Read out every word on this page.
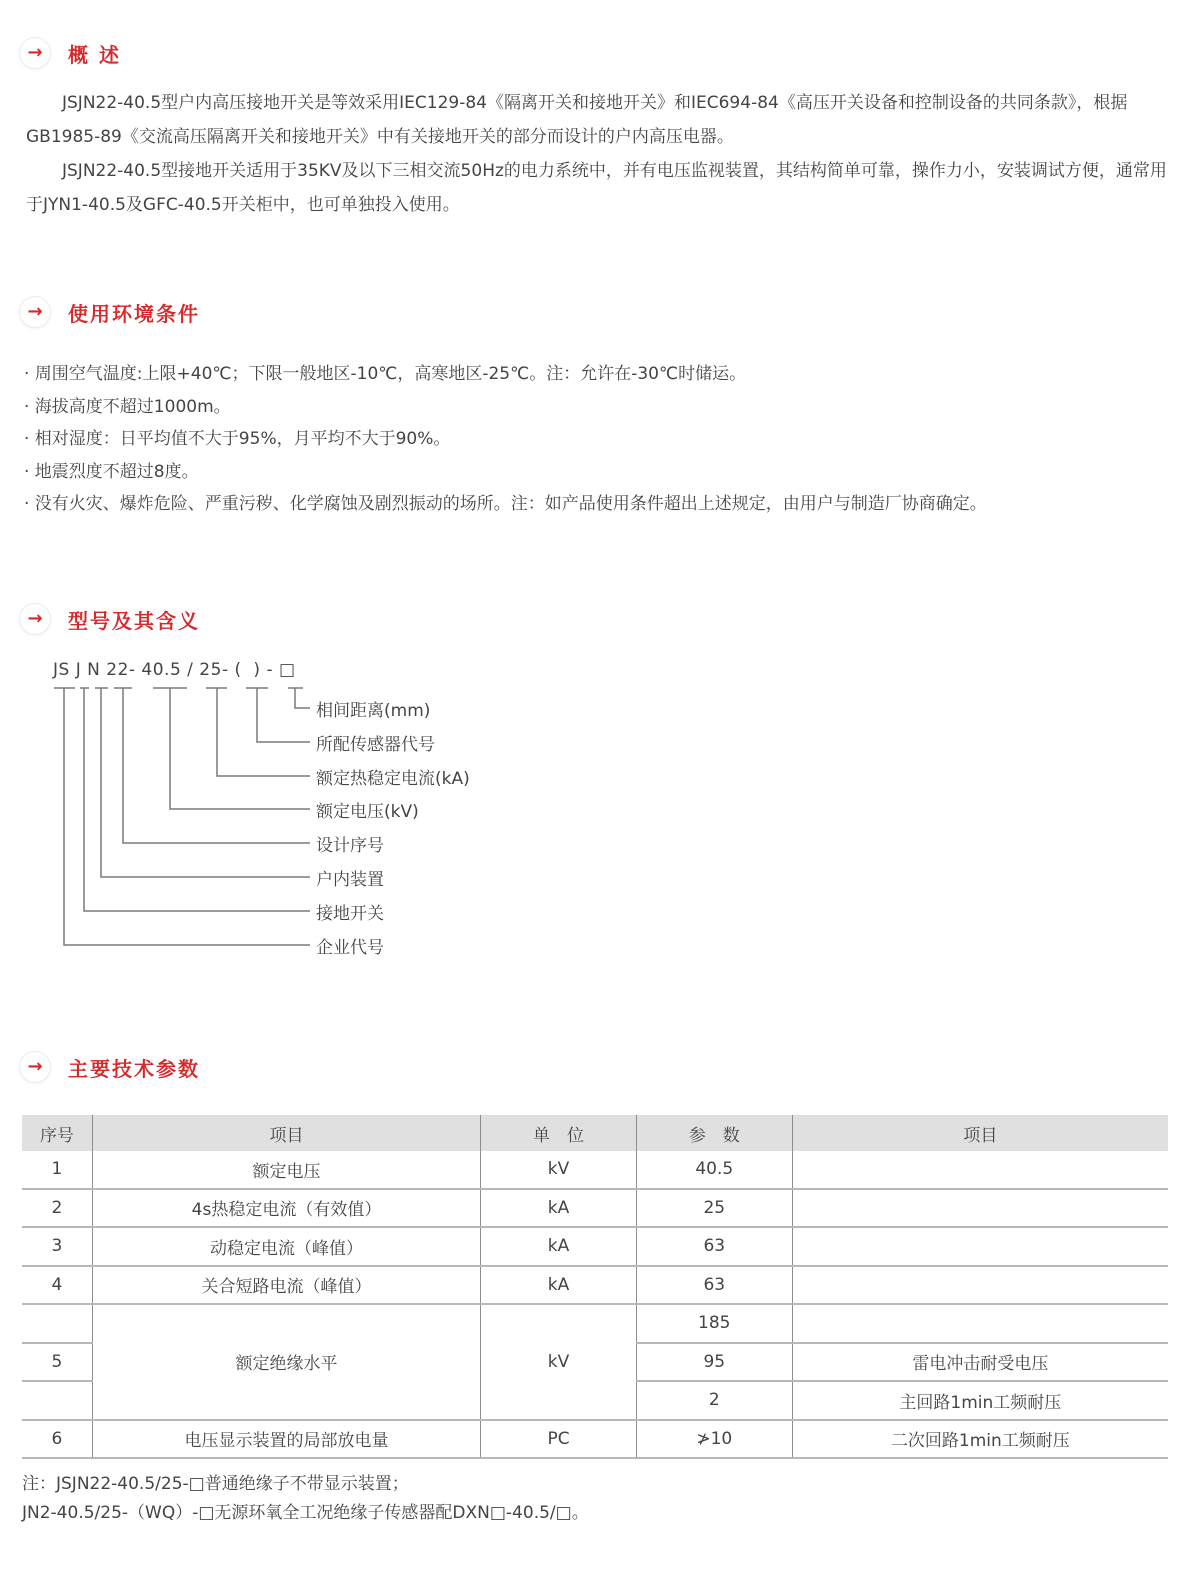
→	概 述

JSJN22-40.5型户内高压接地开关是等效采用IEC129-84《隔离开关和接地开关》和IEC694-84《高压开关设备和控制设备的共同条款》，根据GB1985-89《交流高压隔离开关和接地开关》中有关接地开关的部分而设计的户内高压电器。

JSJN22-40.5型接地开关适用于35KV及以下三相交流50Hz的电力系统中，并有电压监视装置，其结构简单可靠，操作力小，安装调试方便，通常用于JYN1-40.5及GFC-40.5开关柜中，也可单独投入使用。

→	使用环境条件
· 周围空气温度:上限+40℃；下限一般地区-10℃，高寒地区-25℃。注：允许在-30℃时储运。
· 海拔高度不超过1000m。
· 相对湿度：日平均值不大于95%，月平均不大于90%。
· 地震烈度不超过8度。
· 没有火灾、爆炸危险、严重污秽、化学腐蚀及剧烈振动的场所。注：如产品使用条件超出上述规定，由用户与制造厂协商确定。
→	型号及其含义
JS J N 22- 40.5 / 25- (  ) - □
相间距离(mm)
所配传感器代号
额定热稳定电流(kA)
额定电压(kV)
设计序号
户内装置
接地开关
企业代号
→	主要技术参数
序号	项目	单　位	参　数	项目
1	额定电压	kV	40.5	
2	4s热稳定电流（有效值）	kA	25	
3	动稳定电流（峰值）	kA	63	
4	关合短路电流（峰值）	kA	63	
	额定绝缘水平	kV	185	
5			95	雷电冲击耐受电压
			2	主回路1min工频耐压
6	电压显示装置的局部放电量	PC	≯10	二次回路1min工频耐压
注：JSJN22-40.5/25-□普通绝缘子不带显示装置；
JN2-40.5/25-（WQ）-□无源环氧全工况绝缘子传感器配DXN□-40.5/□。
